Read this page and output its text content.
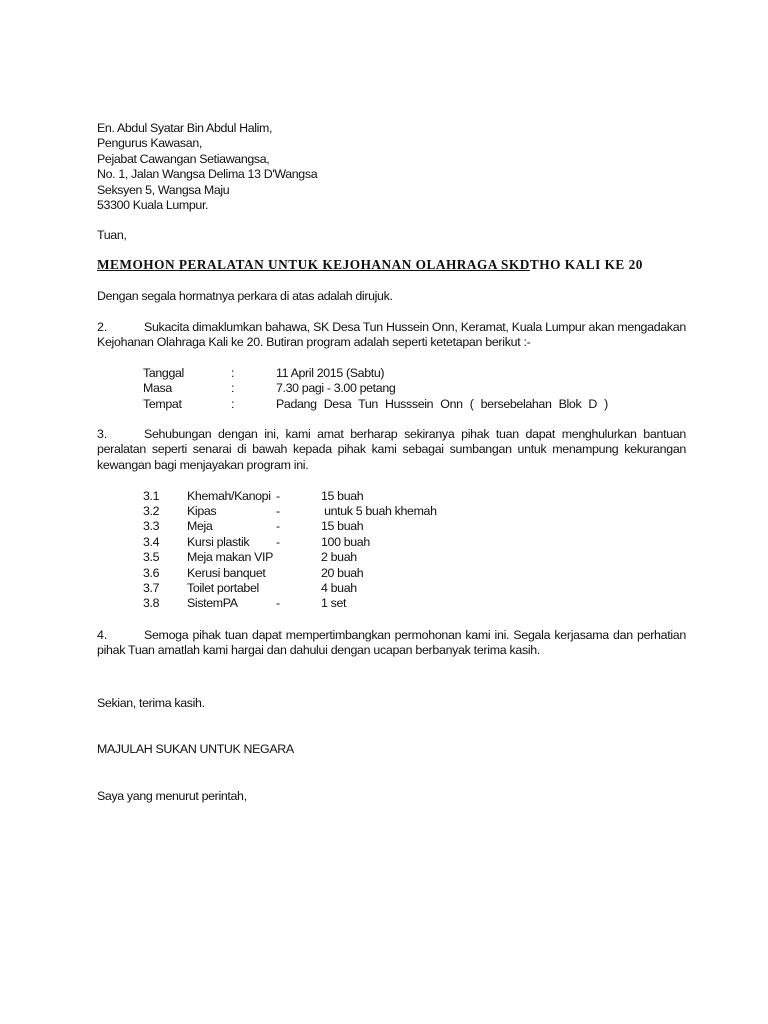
En. Abdul Syatar Bin Abdul Halim,
Pengurus Kawasan,
Pejabat Cawangan Setiawangsa,
No. 1, Jalan Wangsa Delima 13 D'Wangsa
Seksyen 5, Wangsa Maju
53300 Kuala Lumpur.
Tuan,
MEMOHON PERALATAN UNTUK KEJOHANAN OLAHRAGA SKDTHO KALI KE 20
Dengan segala hormatnya perkara di atas adalah dirujuk.
2.	Sukacita dimaklumkan bahawa, SK Desa Tun Hussein Onn, Keramat, Kuala Lumpur akan mengadakan Kejohanan Olahraga Kali ke 20. Butiran program adalah seperti ketetapan berikut :-
Tanggal	:	11 April 2015 (Sabtu)
Masa	:	7.30 pagi - 3.00 petang
Tempat	:	Padang Desa Tun Husssein Onn ( bersebelahan Blok D )
3.	Sehubungan dengan ini, kami amat berharap sekiranya pihak tuan dapat menghulurkan bantuan peralatan seperti senarai di bawah kepada pihak kami sebagai sumbangan untuk menampung kekurangan kewangan bagi menjayakan program ini.
3.1 Khemah/Kanopi -	15 buah
3.2 Kipas	-	untuk 5 buah khemah
3.3 Meja	-	15 buah
3.4 Kursi plastik -	100 buah
3.5 Meja makan VIP	2 buah
3.6 Kerusi banquet	20 buah
3.7 Toilet portabel	4 buah
3.8 SistemPA	-	1 set
4.	Semoga pihak tuan dapat mempertimbangkan permohonan kami ini. Segala kerjasama dan perhatian pihak Tuan amatlah kami hargai dan dahului dengan ucapan berbanyak terima kasih.
Sekian, terima kasih.
MAJULAH SUKAN UNTUK NEGARA
Saya yang menurut perintah,
